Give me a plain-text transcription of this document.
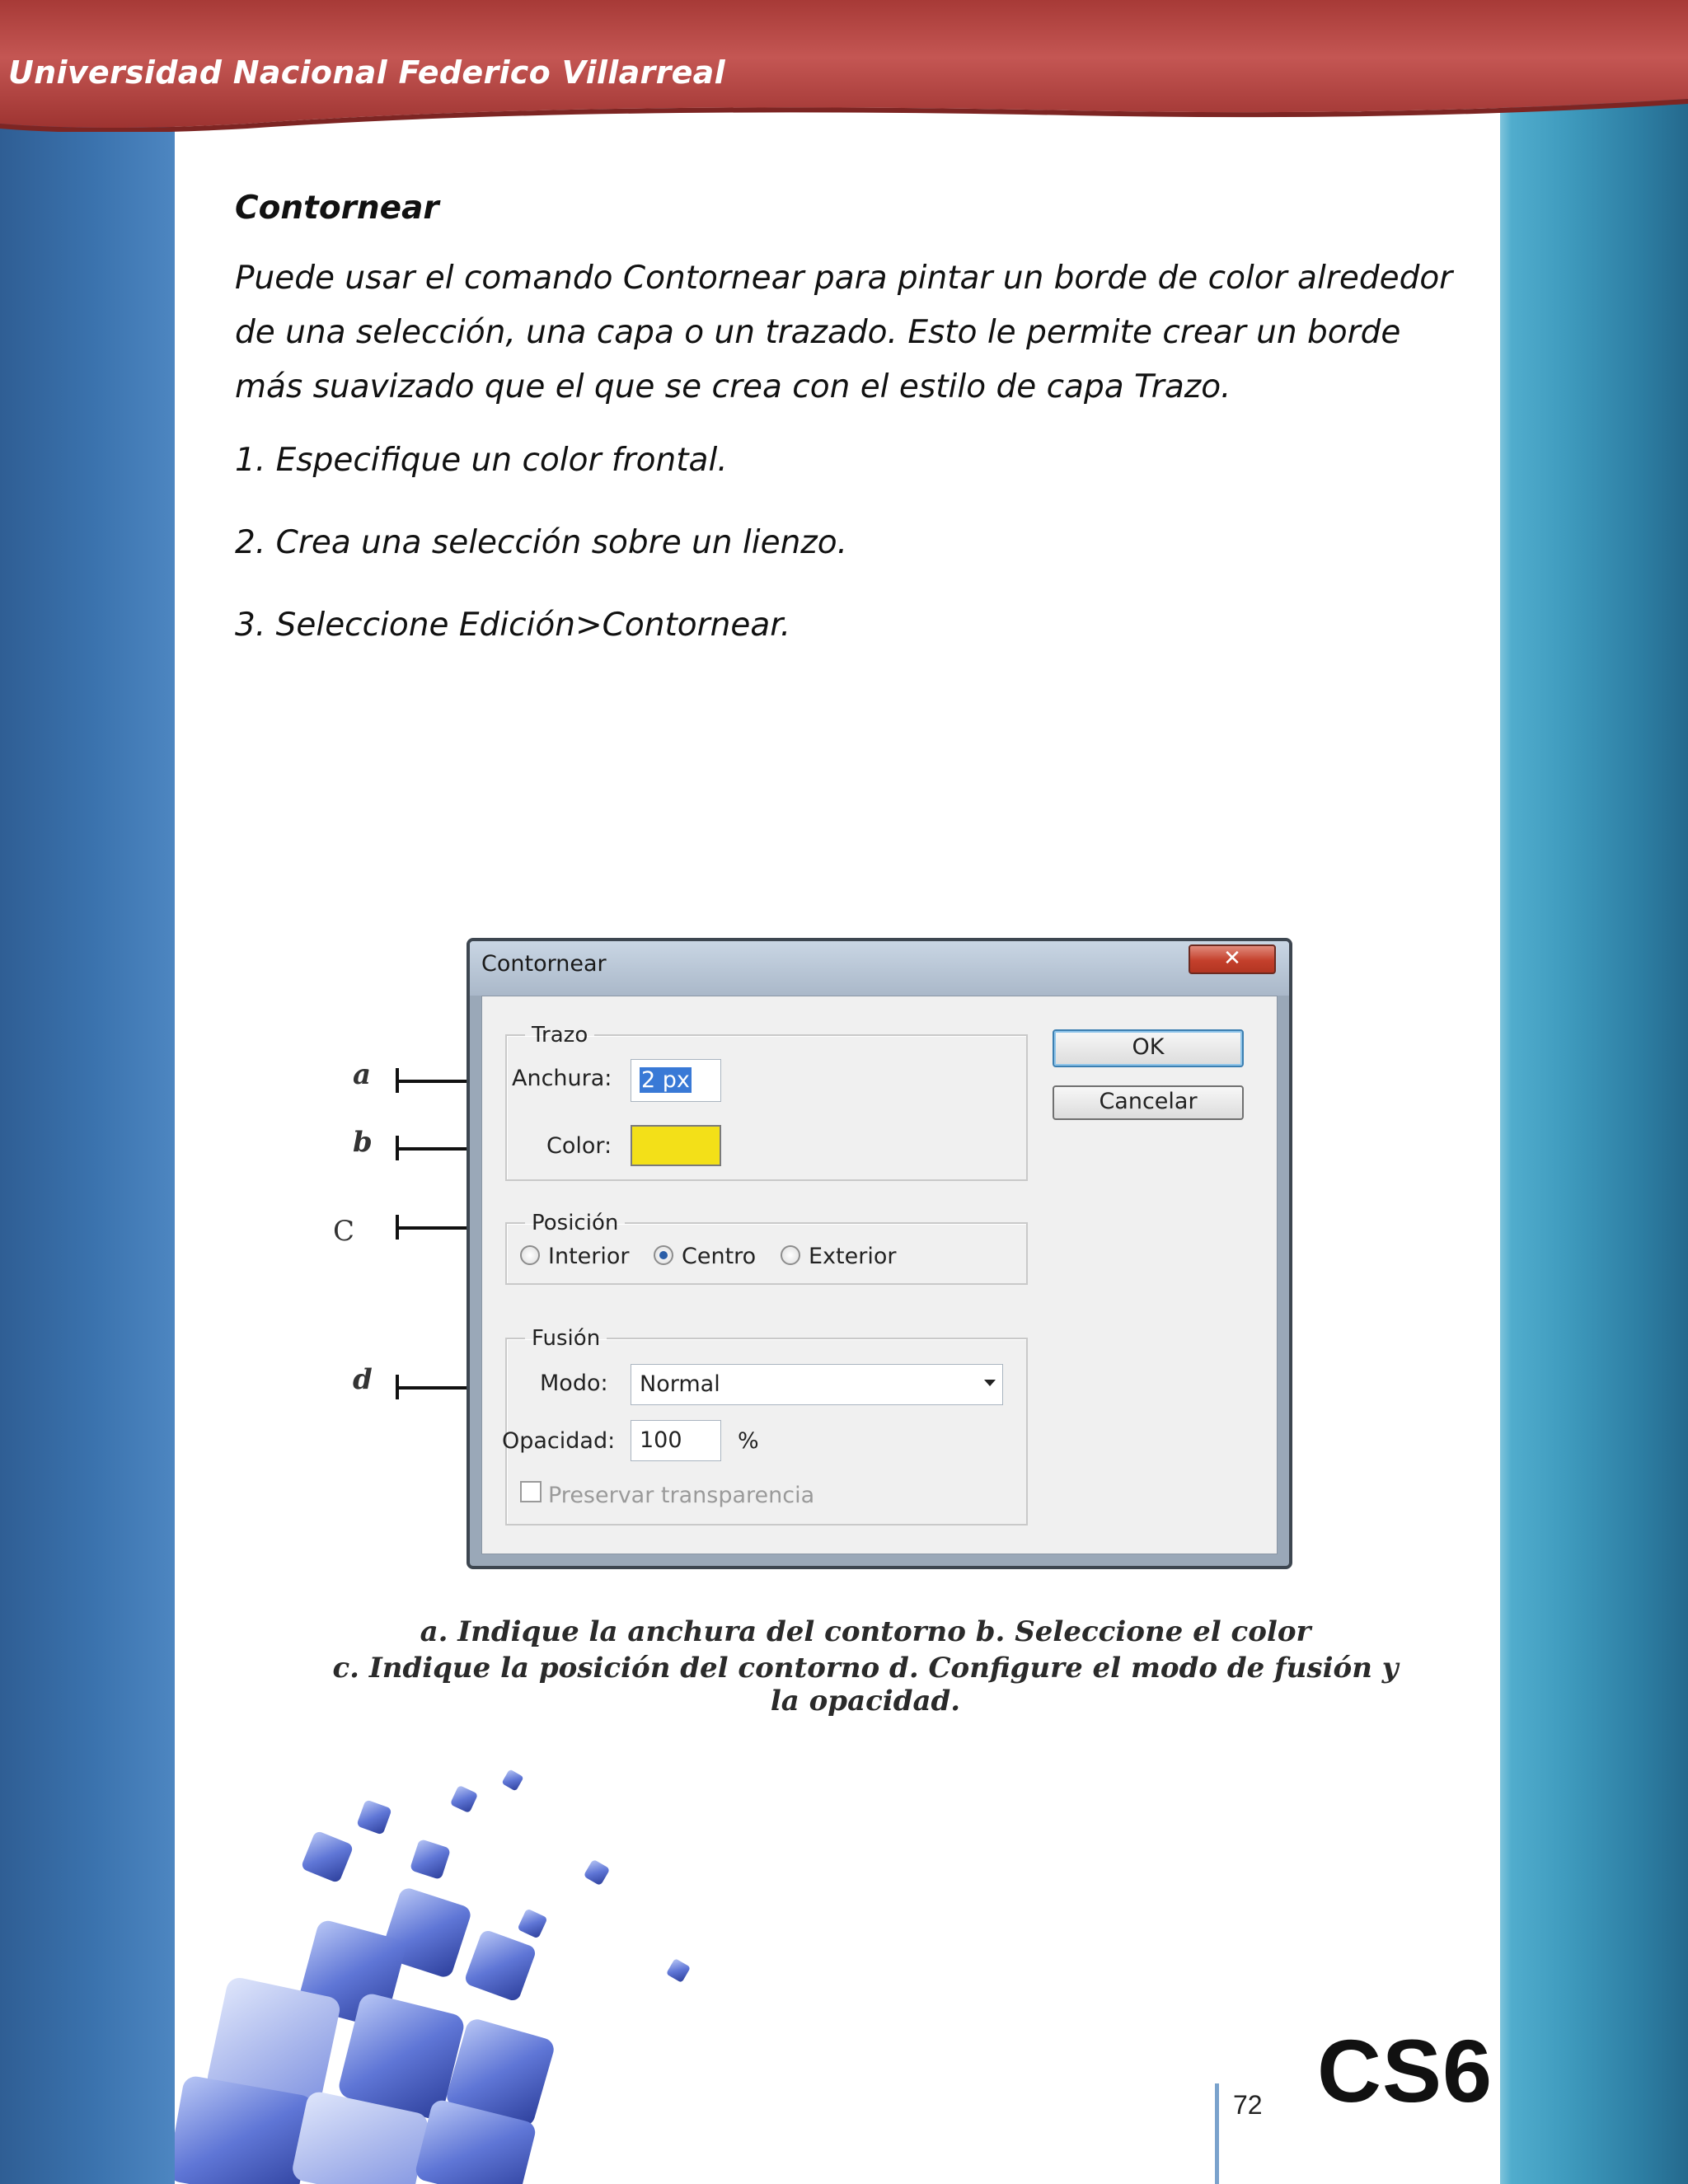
Universidad Nacional Federico Villarreal

Contornear

Puede usar el comando Contornear para pintar un borde de color alrededor de una selección, una capa o un trazado. Esto le permite crear un borde más suavizado que el que se crea con el estilo de capa Trazo.

1. Especifique un color frontal.

2. Crea una selección sobre un lienzo.

3. Seleccione Edición>Contornear.

a
b
C
d
Contornear	✕
Trazo
Anchura: 2 px
Color:
Posición
Interior Centro Exterior
Fusión
Modo: Normal
Opacidad: 100 %
Preservar transparencia
OK
Cancelar
a. Indique la anchura del contorno b. Seleccione el color
c. Indique la posición del contorno d. Configure el modo de fusión y la opacidad.
72 CS6
